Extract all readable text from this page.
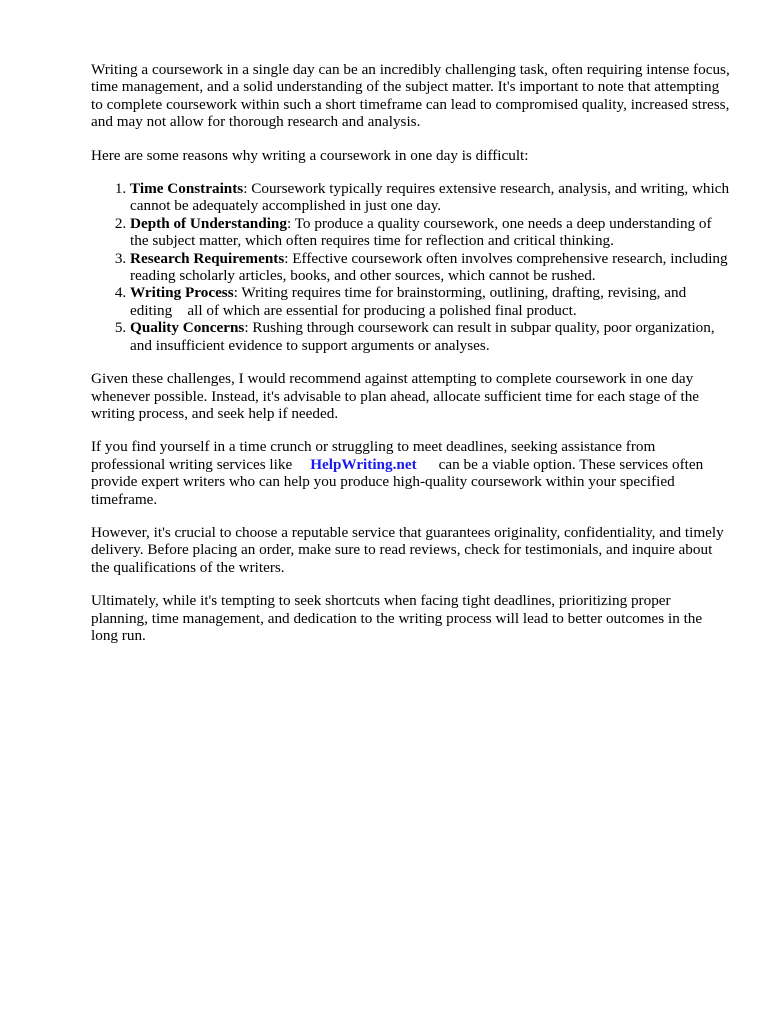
Writing a coursework in a single day can be an incredibly challenging task, often requiring intense focus, time management, and a solid understanding of the subject matter. It's important to note that attempting to complete coursework within such a short timeframe can lead to compromised quality, increased stress, and may not allow for thorough research and analysis.

Here are some reasons why writing a coursework in one day is difficult:

1. Time Constraints: Coursework typically requires extensive research, analysis, and writing, which cannot be adequately accomplished in just one day.
2. Depth of Understanding: To produce a quality coursework, one needs a deep understanding of the subject matter, which often requires time for reflection and critical thinking.
3. Research Requirements: Effective coursework often involves comprehensive research, including reading scholarly articles, books, and other sources, which cannot be rushed.
4. Writing Process: Writing requires time for brainstorming, outlining, drafting, revising, and editing    all of which are essential for producing a polished final product.
5. Quality Concerns: Rushing through coursework can result in subpar quality, poor organization, and insufficient evidence to support arguments or analyses.

Given these challenges, I would recommend against attempting to complete coursework in one day whenever possible. Instead, it's advisable to plan ahead, allocate sufficient time for each stage of the writing process, and seek help if needed.

If you find yourself in a time crunch or struggling to meet deadlines, seeking assistance from professional writing services like HelpWriting.net can be a viable option. These services often provide expert writers who can help you produce high-quality coursework within your specified timeframe.

However, it's crucial to choose a reputable service that guarantees originality, confidentiality, and timely delivery. Before placing an order, make sure to read reviews, check for testimonials, and inquire about the qualifications of the writers.

Ultimately, while it's tempting to seek shortcuts when facing tight deadlines, prioritizing proper planning, time management, and dedication to the writing process will lead to better outcomes in the long run.
